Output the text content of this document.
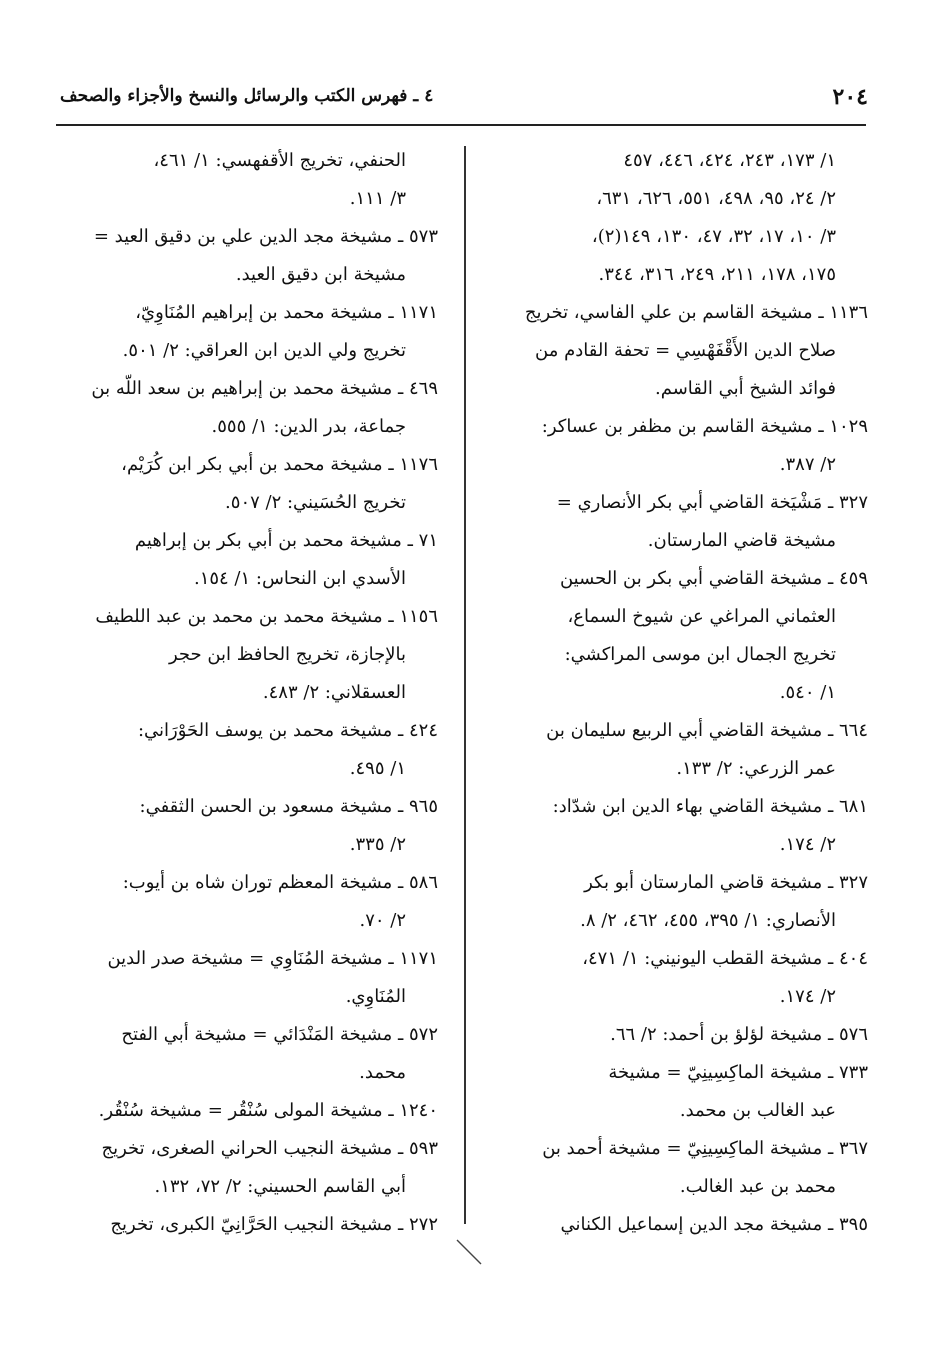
٢٠٤
٤ ـ فهرس الكتب والرسائل والنسخ والأجزاء والصحف
١/ ١٧٣، ٢٤٣، ٤٢٤، ٤٤٦، ٤٥٧
٢/ ٢٤، ٩٥، ٤٩٨، ٥٥١، ٦٢٦، ٦٣١،
٣/ ١٠، ١٧، ٣٢، ٤٧، ١٣٠، ١٤٩(٢)،
١٧٥، ١٧٨، ٢١١، ٢٤٩، ٣١٦، ٣٤٤.
١١٣٦ ـ مشيخة القاسم بن علي الفاسي، تخريج
صلاح الدين الأَقْفَهْسِي = تحفة القادم من
فوائد الشيخ أبي القاسم.
١٠٢٩ ـ مشيخة القاسم بن مظفر بن عساكر:
٢/ ٣٨٧.
٣٢٧ ـ مَشْيَخة القاضي أبي بكر الأنصاري =
مشيخة قاضي المارستان.
٤٥٩ ـ مشيخة القاضي أبي بكر بن الحسين
العثماني المراغي عن شيوخ السماع،
تخريج الجمال ابن موسى المراكشي:
١/ ٥٤٠.
٦٦٤ ـ مشيخة القاضي أبي الربيع سليمان بن
عمر الزرعي: ٢/ ١٣٣.
٦٨١ ـ مشيخة القاضي بهاء الدين ابن شدّاد:
٢/ ١٧٤.
٣٢٧ ـ مشيخة قاضي المارستان أبو بكر
الأنصاري: ١/ ٣٩٥، ٤٥٥، ٤٦٢، ٢/ ٨.
٤٠٤ ـ مشيخة القطب اليونيني: ١/ ٤٧١،
٢/ ١٧٤.
٥٧٦ ـ مشيخة لؤلؤ بن أحمد: ٢/ ٦٦.
٧٣٣ ـ مشيخة الماكِسِينِيّ = مشيخة
عبد الغالب بن محمد.
٣٦٧ ـ مشيخة الماكِسِينِيّ = مشيخة أحمد بن
محمد بن عبد الغالب.
٣٩٥ ـ مشيخة مجد الدين إسماعيل الكناني
الحنفي، تخريج الأقفهسي: ١/ ٤٦١،
٣/ ١١١.
٥٧٣ ـ مشيخة مجد الدين علي بن دقيق العيد =
مشيخة ابن دقيق العيد.
١١٧١ ـ مشيخة محمد بن إبراهيم المُنَاوِيّ،
تخريج ولي الدين ابن العراقي: ٢/ ٥٠١.
٤٦٩ ـ مشيخة محمد بن إبراهيم بن سعد اللّه بن
جماعة، بدر الدين: ١/ ٥٥٥.
١١٧٦ ـ مشيخة محمد بن أبي بكر ابن كُرَيْم،
تخريج الحُسَيني: ٢/ ٥٠٧.
٧١ ـ مشيخة محمد بن أبي بكر بن إبراهيم
الأسدي ابن النحاس: ١/ ١٥٤.
١١٥٦ ـ مشيخة محمد بن محمد بن عبد اللطيف
بالإجازة، تخريج الحافظ ابن حجر
العسقلاني: ٢/ ٤٨٣.
٤٢٤ ـ مشيخة محمد بن يوسف الحَوْرَاني:
١/ ٤٩٥.
٩٦٥ ـ مشيخة مسعود بن الحسن الثقفي:
٢/ ٣٣٥.
٥٨٦ ـ مشيخة المعظم توران شاه بن أيوب:
٢/ ٧٠.
١١٧١ ـ مشيخة المُنَاوِي = مشيخة صدر الدين
المُنَاوِي.
٥٧٢ ـ مشيخة المَنْدَائي = مشيخة أبي الفتح
محمد.
١٢٤٠ ـ مشيخة المولى سُنْقُر = مشيخة سُنْقُر.
٥٩٣ ـ مشيخة النجيب الحراني الصغرى، تخريج
أبي القاسم الحسيني: ٢/ ٧٢، ١٣٢.
٢٧٢ ـ مشيخة النجيب الحَرَّانِيّ الكبرى، تخريج
